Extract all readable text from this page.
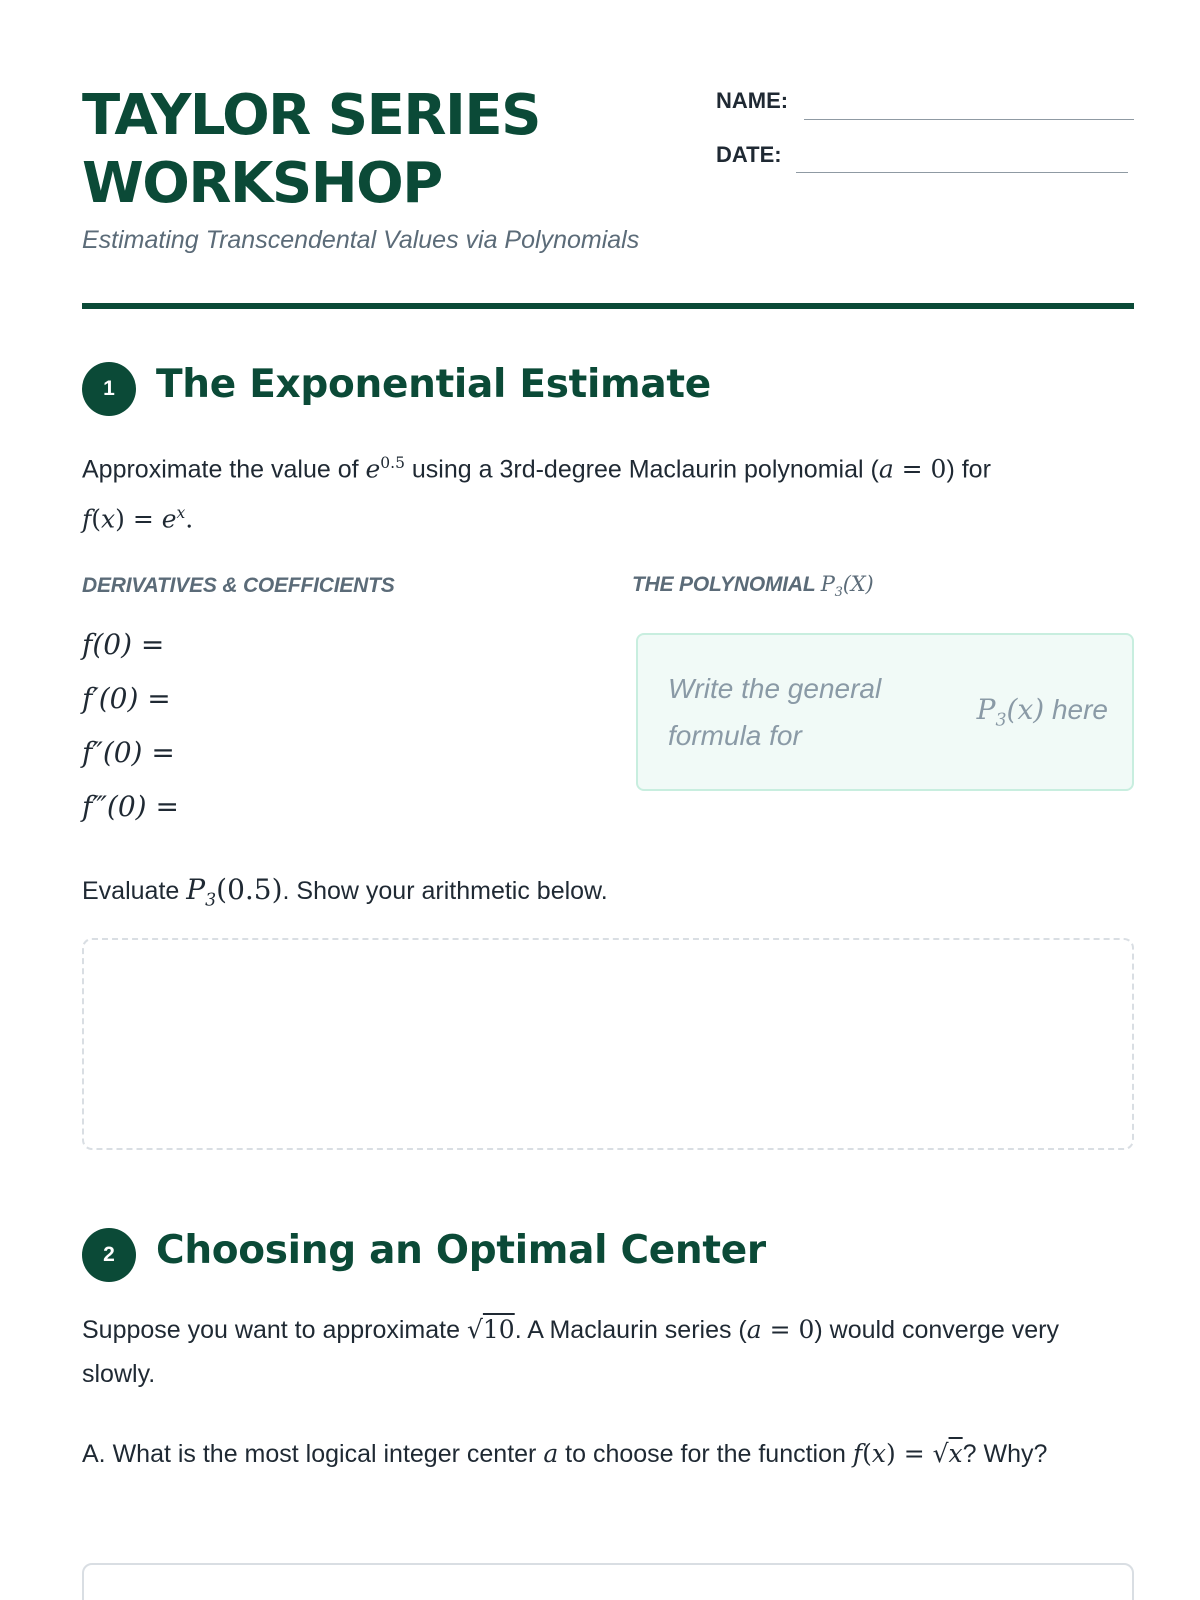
TAYLOR SERIES
WORKSHOP
Estimating Transcendental Values via Polynomials
NAME:
DATE:
1	The Exponential Estimate
Approximate the value of $e^{0.5}$ using a 3rd-degree Maclaurin polynomial (a = 0) for
$f(x) = e^x$.
DERIVATIVES & COEFFICIENTS	THE POLYNOMIAL $P_3(X)$
f(0) =
f′(0) =
f″(0) =
f‴(0) =
Write the general formula for
$P_3(x)$ here
Evaluate $P_3(0.5)$. Show your arithmetic below.
2	Choosing an Optimal Center
Suppose you want to approximate √10. A Maclaurin series (a = 0) would converge very slowly.
A. What is the most logical integer center a to choose for the function f(x) = √x? Why?
